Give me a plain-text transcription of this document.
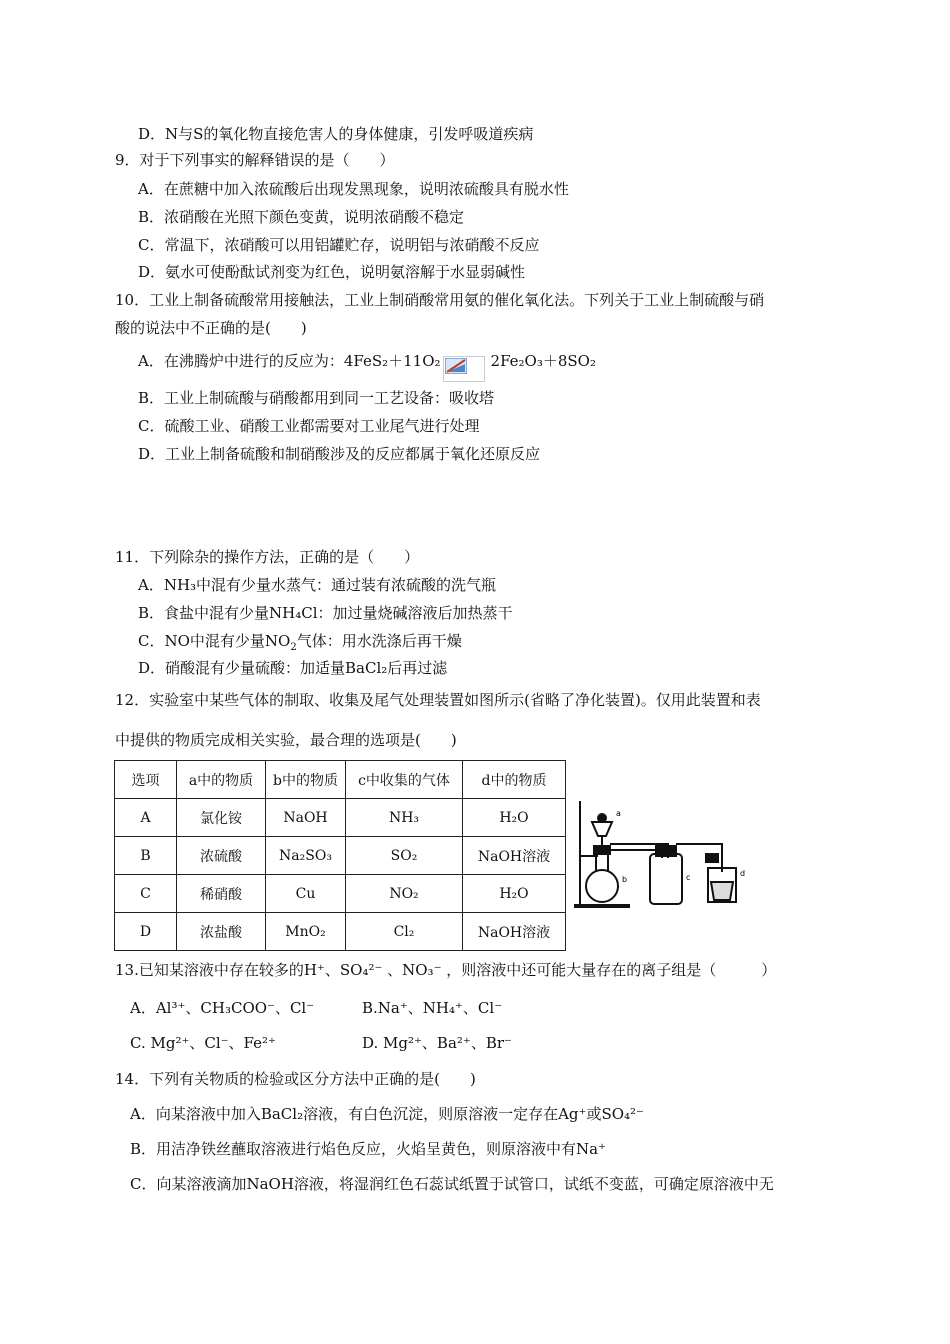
D．N与S的氧化物直接危害人的身体健康，引发呼吸道疾病
9．对于下列事实的解释错误的是（　　）
A．在蔗糖中加入浓硫酸后出现发黑现象，说明浓硫酸具有脱水性
B．浓硝酸在光照下颜色变黄，说明浓硝酸不稳定
C．常温下，浓硝酸可以用铝罐贮存，说明铝与浓硝酸不反应
D．氨水可使酚酞试剂变为红色，说明氨溶解于水显弱碱性
10．工业上制备硫酸常用接触法，工业上制硝酸常用氨的催化氧化法。下列关于工业上制硫酸与硝
酸的说法中不正确的是(　　)
A．在沸腾炉中进行的反应为：4FeS₂＋11O₂	2Fe₂O₃＋8SO₂
B．工业上制硫酸与硝酸都用到同一工艺设备：吸收塔
C．硫酸工业、硝酸工业都需要对工业尾气进行处理
D．工业上制备硫酸和制硝酸涉及的反应都属于氧化还原反应
11．下列除杂的操作方法，正确的是（　　）
A．NH₃中混有少量水蒸气：通过装有浓硫酸的洗气瓶
B．食盐中混有少量NH₄Cl：加过量烧碱溶液后加热蒸干
C．NO中混有少量$NO_2$气体：用水洗涤后再干燥
D．硝酸混有少量硫酸：加适量BaCl₂后再过滤
12．实验室中某些气体的制取、收集及尾气处理装置如图所示(省略了净化装置)。仅用此装置和表
中提供的物质完成相关实验，最合理的选项是(　　)
选项	a中的物质	b中的物质	c中收集的气体	d中的物质
A	氯化铵	NaOH	NH₃	H₂O
B	浓硫酸	Na₂SO₃	SO₂	NaOH溶液
C	稀硝酸	Cu	NO₂	H₂O
D	浓盐酸	MnO₂	Cl₂	NaOH溶液
a
b	c	d
13.已知某溶液中存在较多的H⁺、SO₄²⁻ 、NO₃⁻ ，则溶液中还可能大量存在的离子组是（　　　）
A．Al³⁺、CH₃COO⁻、Cl⁻	B.Na⁺、NH₄⁺、Cl⁻
C. Mg²⁺、Cl⁻、Fe²⁺	D. Mg²⁺、Ba²⁺、Br⁻
14．下列有关物质的检验或区分方法中正确的是(　　)
A．向某溶液中加入BaCl₂溶液，有白色沉淀，则原溶液一定存在Ag⁺或SO₄²⁻
B．用洁净铁丝蘸取溶液进行焰色反应，火焰呈黄色，则原溶液中有Na⁺
C．向某溶液滴加NaOH溶液，将湿润红色石蕊试纸置于试管口，试纸不变蓝，可确定原溶液中无
